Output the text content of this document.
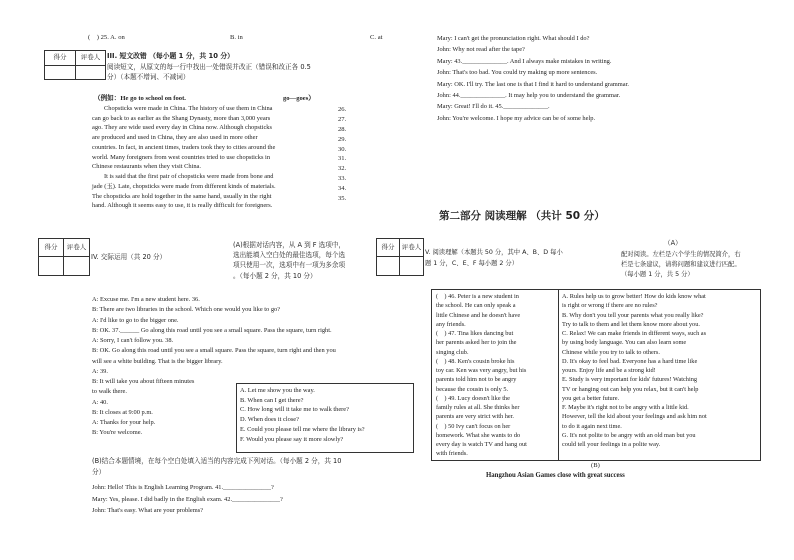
(　) 25. A. on	B. in	C. at
得分	评卷人
	III. 短文改错 （每小题 1 分，共 10 分）
阅读短文，从原文的每一行中找出一处错误并改正（错误和改正各 0.5
分）（本题不增词、不减词）
（例如：He go to school on foot.	go—goes）
Chopsticks were made in China. The history of use them in China
can go back to as earlier as the Shang Dynasty, more than 3,000 years
ago. They are wide used every day in China now. Although chopsticks
are produced and used in China, they are also used in more other
countries. In fact, in ancient times, traders took they to cities around the
world. Many foreigners from west countries tried to use chopsticks in
Chinese restaurants when they visit China.
It is said that the first pair of chopsticks were made from bone and
jade (玉). Late, chopsticks were made from different kinds of materials.
The chopsticks are hold together in the same hand, usually in the right
hand. Although it seems easy to use, it is really difficult for foreigners.
26.
27.
28.
29.
30.
31.
32.
33.
34.
35.
得分	评卷人

IV. 交际运用（共 20 分）
(A)根据对话内容，从 A 到 F 选项中，
选出能填入空白处的最佳选项，每个选
项只使用一次，选项中有一项为多余项
。（每小题 2 分，共 10 分）
A: Excuse me. I'm a new student here. 36.
B: There are two libraries in the school. Which one would you like to go?
A: I'd like to go to the bigger one.
B: OK. 37.______ Go along this road until you see a small square. Pass the square, turn right.
A: Sorry, I can't follow you. 38.
B: OK. Go along this road until you see a small square. Pass the square, turn right and then you
will see a white building. That is the bigger library.
A: 39.
B: It will take you about fifteen minutes
to walk there.
A: 40.
B: It closes at 9:00 p.m.
A: Thanks for your help.
B: You're welcome.
A. Let me show you the way.
B. When can I get there?
C. How long will it take me to walk there?
D. When does it close?
E. Could you please tell me where the library is?
F. Would you please say it more slowly?
(B)结合本题情境，在每个空白处填入适当的内容完成下列对话。（每小题 2 分，共 10
分）
John: Hello! This is English Learning Program. 41._______________?
Mary: Yes, please. I did badly in the English exam. 42._______________?
John: That's easy. What are your problems?
Mary: I can't get the pronunciation right. What should I do?
John: Why not read after the tape?
Mary: 43.______________. And I always make mistakes in writing.
John: That's too bad. You could try making up more sentences.
Mary: OK. I'll try. The last one is that I find it hard to understand grammar.
John: 44.______________. It may help you to understand the grammar.
Mary: Great! I'll do it. 45.______________.
John: You're welcome. I hope my advice can be of some help.
第二部分 阅读理解 （共计 50 分）
得分	评卷人

V. 阅读理解（本题共 50 分，其中 A、B、D 每小
题 1 分，C、E、F 每小题 2 分）
（A）
配对阅读。左栏是六个学生的情况简介，右
栏是七条建议，请将问题和建议进行匹配。
（每小题 1 分，共 5 分）
(　) 46. Peter is a new student in
the school. He can only speak a
little Chinese and he doesn't have
any friends.
(　) 47. Tina likes dancing but
her parents asked her to join the
singing club.
(　) 48. Ken's cousin broke his
toy car. Ken was very angry, but his
parents told him not to be angry
because the cousin is only 5.
(　) 49. Lucy doesn't like the
family rules at all. She thinks her
parents are very strict with her.
(　) 50 Ivy can't focus on her
homework. What she wants to do
every day is watch TV and hang out
with friends.
A. Rules help us to grow better! How do kids know what
is right or wrong if there are no rules?
B. Why don't you tell your parents what you really like?
Try to talk to them and let them know more about you.
C. Relax! We can make friends in different ways, such as
by using body language. You can also learn some
Chinese while you try to talk to others.
D. It's okay to feel bad. Everyone has a hard time like
yours. Enjoy life and be a strong kid!
E. Study is very important for kids' futures! Watching
TV or hanging out can help you relax, but it can't help
you get a better future.
F. Maybe it's right not to be angry with a little kid.
However, tell the kid about your feelings and ask him not
to do it again next time.
G. It's not polite to be angry with an old man but you
could tell your feelings in a polite way.
(B)
Hangzhou Asian Games close with great success
